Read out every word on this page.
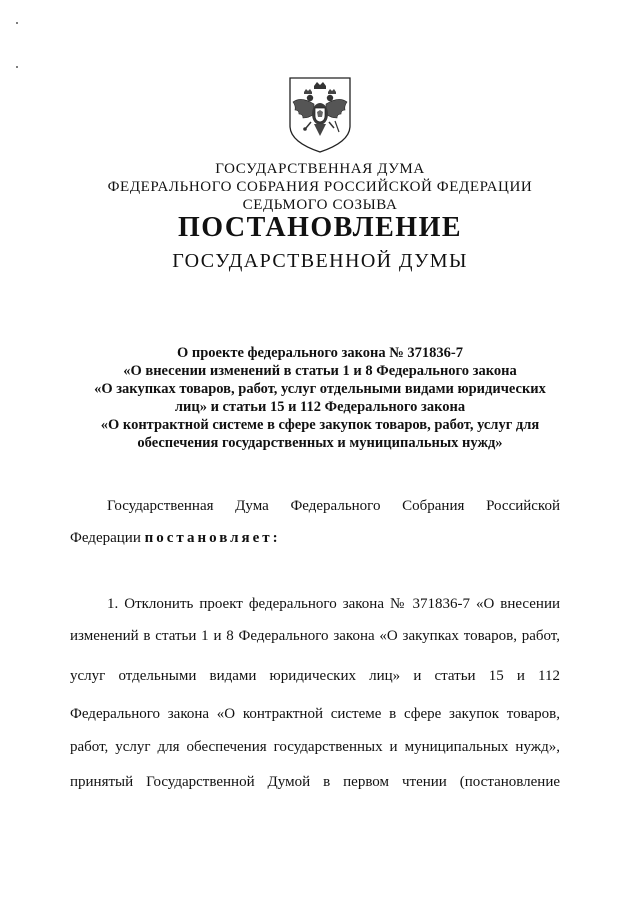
ГОСУДАРСТВЕННАЯ ДУМА
ФЕДЕРАЛЬНОГО СОБРАНИЯ РОССИЙСКОЙ ФЕДЕРАЦИИ
СЕДЬМОГО СОЗЫВА
ПОСТАНОВЛЕНИЕ
ГОСУДАРСТВЕННОЙ ДУМЫ
О проекте федерального закона № 371836-7
«О внесении изменений в статьи 1 и 8 Федерального закона
«О закупках товаров, работ, услуг отдельными видами юридических
лиц» и статьи 15 и 112 Федерального закона
«О контрактной системе в сфере закупок товаров, работ, услуг для
обеспечения государственных и муниципальных нужд»
Государственная Дума Федерального Собрания Российской
Федерации постановляет:
1. Отклонить проект федерального закона № 371836-7 «О внесении
изменений в статьи 1 и 8 Федерального закона «О закупках товаров, работ,
услуг отдельными видами юридических лиц» и статьи 15 и 112
Федерального закона «О контрактной системе в сфере закупок товаров,
работ, услуг для обеспечения государственных и муниципальных нужд»,
принятый Государственной Думой в первом чтении (постановление
